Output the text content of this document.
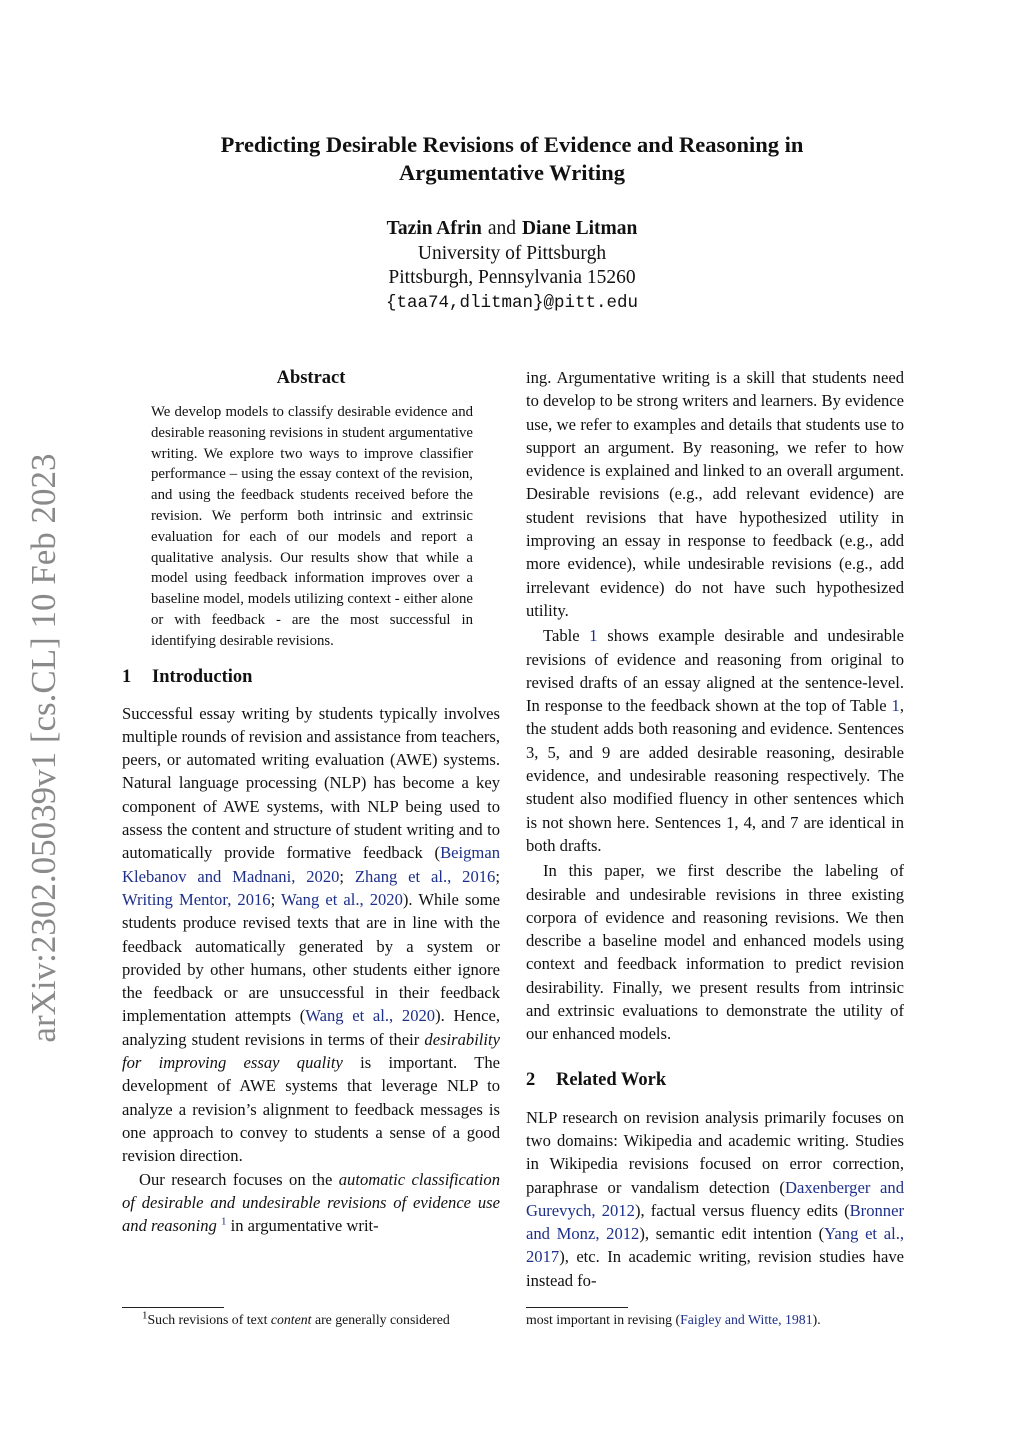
arXiv:2302.05039v1 [cs.CL] 10 Feb 2023
Predicting Desirable Revisions of Evidence and Reasoning in
Argumentative Writing
Tazin Afrin and Diane Litman
University of Pittsburgh
Pittsburgh, Pennsylvania 15260
{taa74,dlitman}@pitt.edu
Abstract

We develop models to classify desirable evidence and desirable reasoning revisions in student argumentative writing. We explore two ways to improve classifier performance – using the essay context of the revision, and using the feedback students received before the revision. We perform both intrinsic and extrinsic evaluation for each of our models and report a qualitative analysis. Our results show that while a model using feedback information improves over a baseline model, models utilizing context - either alone or with feedback - are the most successful in identifying desirable revisions.

1 Introduction

Successful essay writing by students typically involves multiple rounds of revision and assistance from teachers, peers, or automated writing evaluation (AWE) systems. Natural language processing (NLP) has become a key component of AWE systems, with NLP being used to assess the content and structure of student writing and to automatically provide formative feedback (Beigman Klebanov and Madnani, 2020; Zhang et al., 2016; Writing Mentor, 2016; Wang et al., 2020). While some students produce revised texts that are in line with the feedback automatically generated by a system or provided by other humans, other students either ignore the feedback or are unsuccessful in their feedback implementation attempts (Wang et al., 2020). Hence, analyzing student revisions in terms of their desirability for improving essay quality is important. The development of AWE systems that leverage NLP to analyze a revision’s alignment to feedback messages is one approach to convey to students a sense of a good revision direction.

Our research focuses on the automatic classification of desirable and undesirable revisions of evidence use and reasoning $^1$ in argumentative writ-

$^1$Such revisions of text content are generally considered

ing. Argumentative writing is a skill that students need to develop to be strong writers and learners. By evidence use, we refer to examples and details that students use to support an argument. By reasoning, we refer to how evidence is explained and linked to an overall argument. Desirable revisions (e.g., add relevant evidence) are student revisions that have hypothesized utility in improving an essay in response to feedback (e.g., add more evidence), while undesirable revisions (e.g., add irrelevant evidence) do not have such hypothesized utility.

Table 1 shows example desirable and undesirable revisions of evidence and reasoning from original to revised drafts of an essay aligned at the sentence-level. In response to the feedback shown at the top of Table 1, the student adds both reasoning and evidence. Sentences 3, 5, and 9 are added desirable reasoning, desirable evidence, and undesirable reasoning respectively. The student also modified fluency in other sentences which is not shown here. Sentences 1, 4, and 7 are identical in both drafts.

In this paper, we first describe the labeling of desirable and undesirable revisions in three existing corpora of evidence and reasoning revisions. We then describe a baseline model and enhanced models using context and feedback information to predict revision desirability. Finally, we present results from intrinsic and extrinsic evaluations to demonstrate the utility of our enhanced models.

2 Related Work

NLP research on revision analysis primarily focuses on two domains: Wikipedia and academic writing. Studies in Wikipedia revisions focused on error correction, paraphrase or vandalism detection (Daxenberger and Gurevych, 2012), factual versus fluency edits (Bronner and Monz, 2012), semantic edit intention (Yang et al., 2017), etc. In academic writing, revision studies have instead fo-

most important in revising (Faigley and Witte, 1981).
